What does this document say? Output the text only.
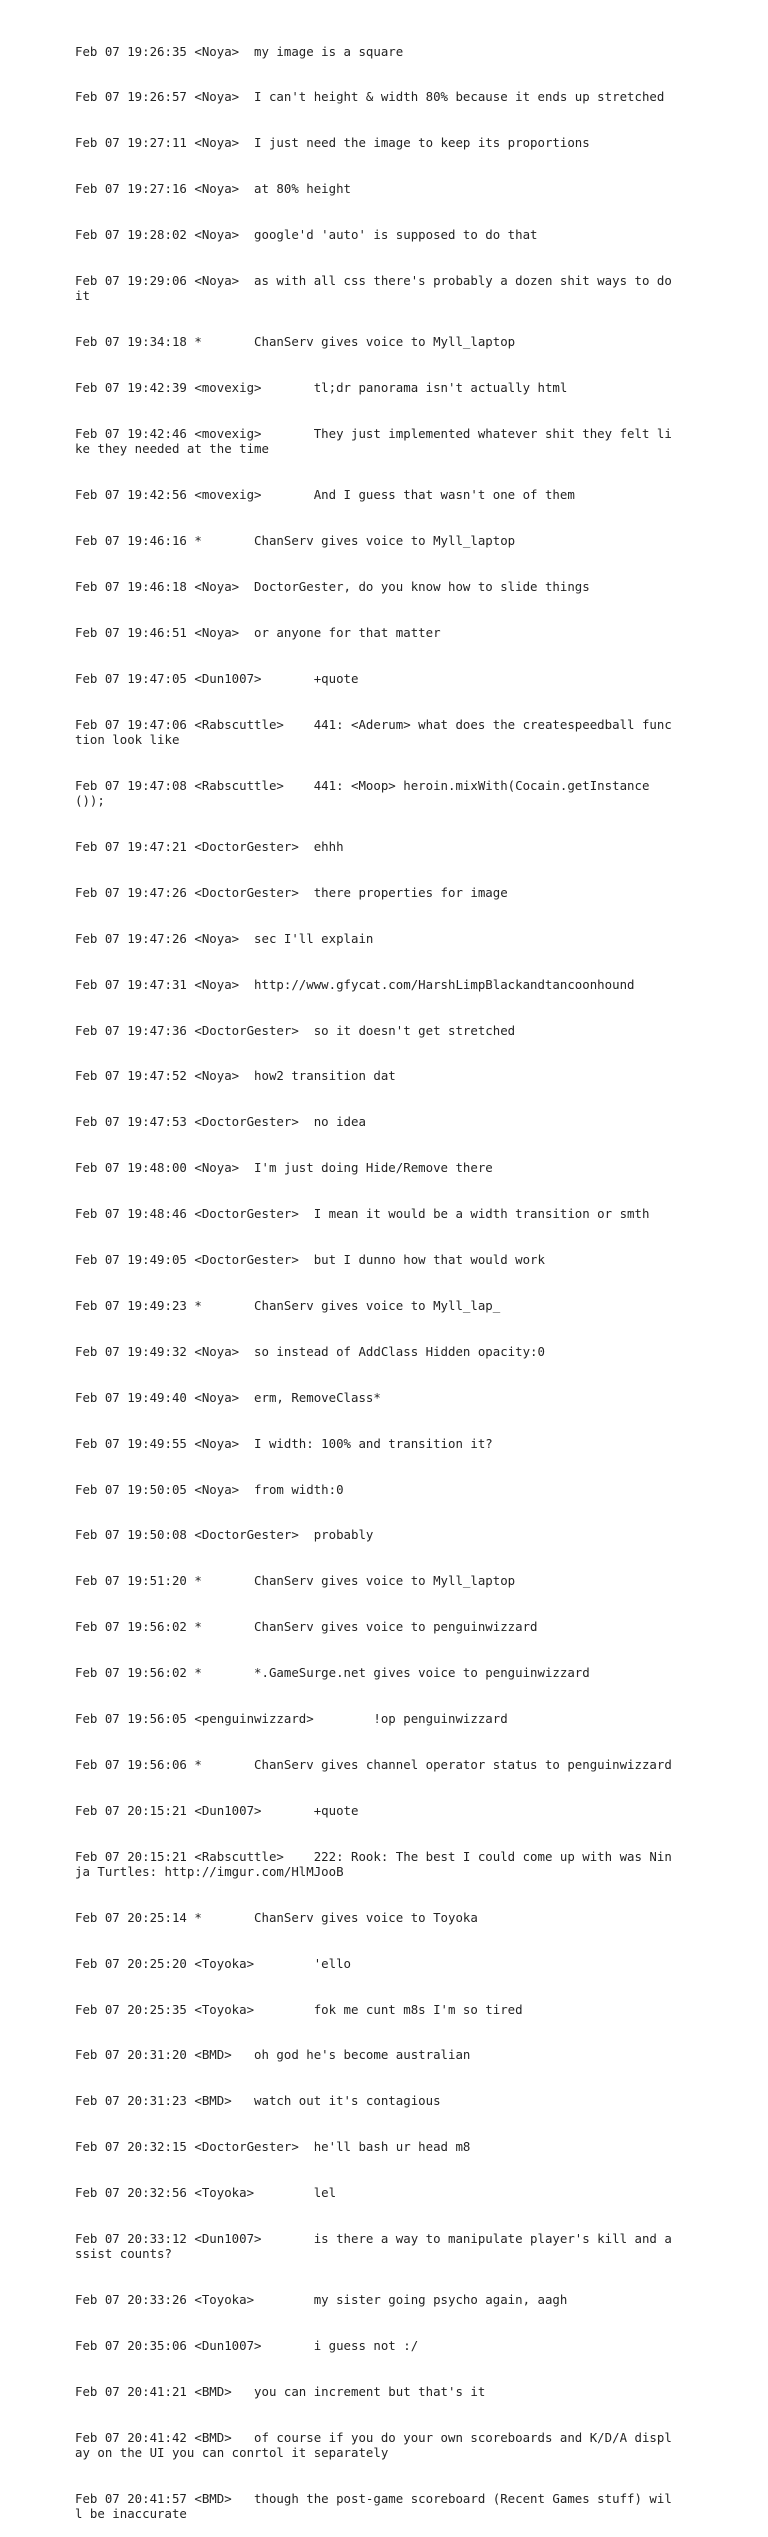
Feb 07 19:26:35 <Noya>  my image is a square

Feb 07 19:26:57 <Noya>  I can't height & width 80% because it ends up stretched

Feb 07 19:27:11 <Noya>  I just need the image to keep its proportions

Feb 07 19:27:16 <Noya>  at 80% height

Feb 07 19:28:02 <Noya>  google'd 'auto' is supposed to do that

Feb 07 19:29:06 <Noya>  as with all css there's probably a dozen shit ways to do it

Feb 07 19:34:18 *       ChanServ gives voice to Myll_laptop

Feb 07 19:42:39 <movexig>       tl;dr panorama isn't actually html

Feb 07 19:42:46 <movexig>       They just implemented whatever shit they felt like they needed at the time

Feb 07 19:42:56 <movexig>       And I guess that wasn't one of them

Feb 07 19:46:16 *       ChanServ gives voice to Myll_laptop

Feb 07 19:46:18 <Noya>  DoctorGester, do you know how to slide things

Feb 07 19:46:51 <Noya>  or anyone for that matter

Feb 07 19:47:05 <Dun1007>       +quote

Feb 07 19:47:06 <Rabscuttle>    441: <Aderum> what does the createspeedball function look like

Feb 07 19:47:08 <Rabscuttle>    441: <Moop> heroin.mixWith(Cocain.getInstance());

Feb 07 19:47:21 <DoctorGester>  ehhh

Feb 07 19:47:26 <DoctorGester>  there properties for image

Feb 07 19:47:26 <Noya>  sec I'll explain

Feb 07 19:47:31 <Noya>  http://www.gfycat.com/HarshLimpBlackandtancoonhound

Feb 07 19:47:36 <DoctorGester>  so it doesn't get stretched

Feb 07 19:47:52 <Noya>  how2 transition dat

Feb 07 19:47:53 <DoctorGester>  no idea

Feb 07 19:48:00 <Noya>  I'm just doing Hide/Remove there

Feb 07 19:48:46 <DoctorGester>  I mean it would be a width transition or smth

Feb 07 19:49:05 <DoctorGester>  but I dunno how that would work

Feb 07 19:49:23 *       ChanServ gives voice to Myll_lap_

Feb 07 19:49:32 <Noya>  so instead of AddClass Hidden opacity:0

Feb 07 19:49:40 <Noya>  erm, RemoveClass*

Feb 07 19:49:55 <Noya>  I width: 100% and transition it?

Feb 07 19:50:05 <Noya>  from width:0

Feb 07 19:50:08 <DoctorGester>  probably

Feb 07 19:51:20 *       ChanServ gives voice to Myll_laptop

Feb 07 19:56:02 *       ChanServ gives voice to penguinwizzard

Feb 07 19:56:02 *       *.GameSurge.net gives voice to penguinwizzard

Feb 07 19:56:05 <penguinwizzard>        !op penguinwizzard

Feb 07 19:56:06 *       ChanServ gives channel operator status to penguinwizzard

Feb 07 20:15:21 <Dun1007>       +quote

Feb 07 20:15:21 <Rabscuttle>    222: Rook: The best I could come up with was Ninja Turtles: http://imgur.com/HlMJooB

Feb 07 20:25:14 *       ChanServ gives voice to Toyoka

Feb 07 20:25:20 <Toyoka>        'ello

Feb 07 20:25:35 <Toyoka>        fok me cunt m8s I'm so tired

Feb 07 20:31:20 <BMD>   oh god he's become australian

Feb 07 20:31:23 <BMD>   watch out it's contagious

Feb 07 20:32:15 <DoctorGester>  he'll bash ur head m8

Feb 07 20:32:56 <Toyoka>        lel

Feb 07 20:33:12 <Dun1007>       is there a way to manipulate player's kill and assist counts?

Feb 07 20:33:26 <Toyoka>        my sister going psycho again, aagh

Feb 07 20:35:06 <Dun1007>       i guess not :/

Feb 07 20:41:21 <BMD>   you can increment but that's it

Feb 07 20:41:42 <BMD>   of course if you do your own scoreboards and K/D/A display on the UI you can conrtol it separately

Feb 07 20:41:57 <BMD>   though the post-game scoreboard (Recent Games stuff) will be inaccurate
